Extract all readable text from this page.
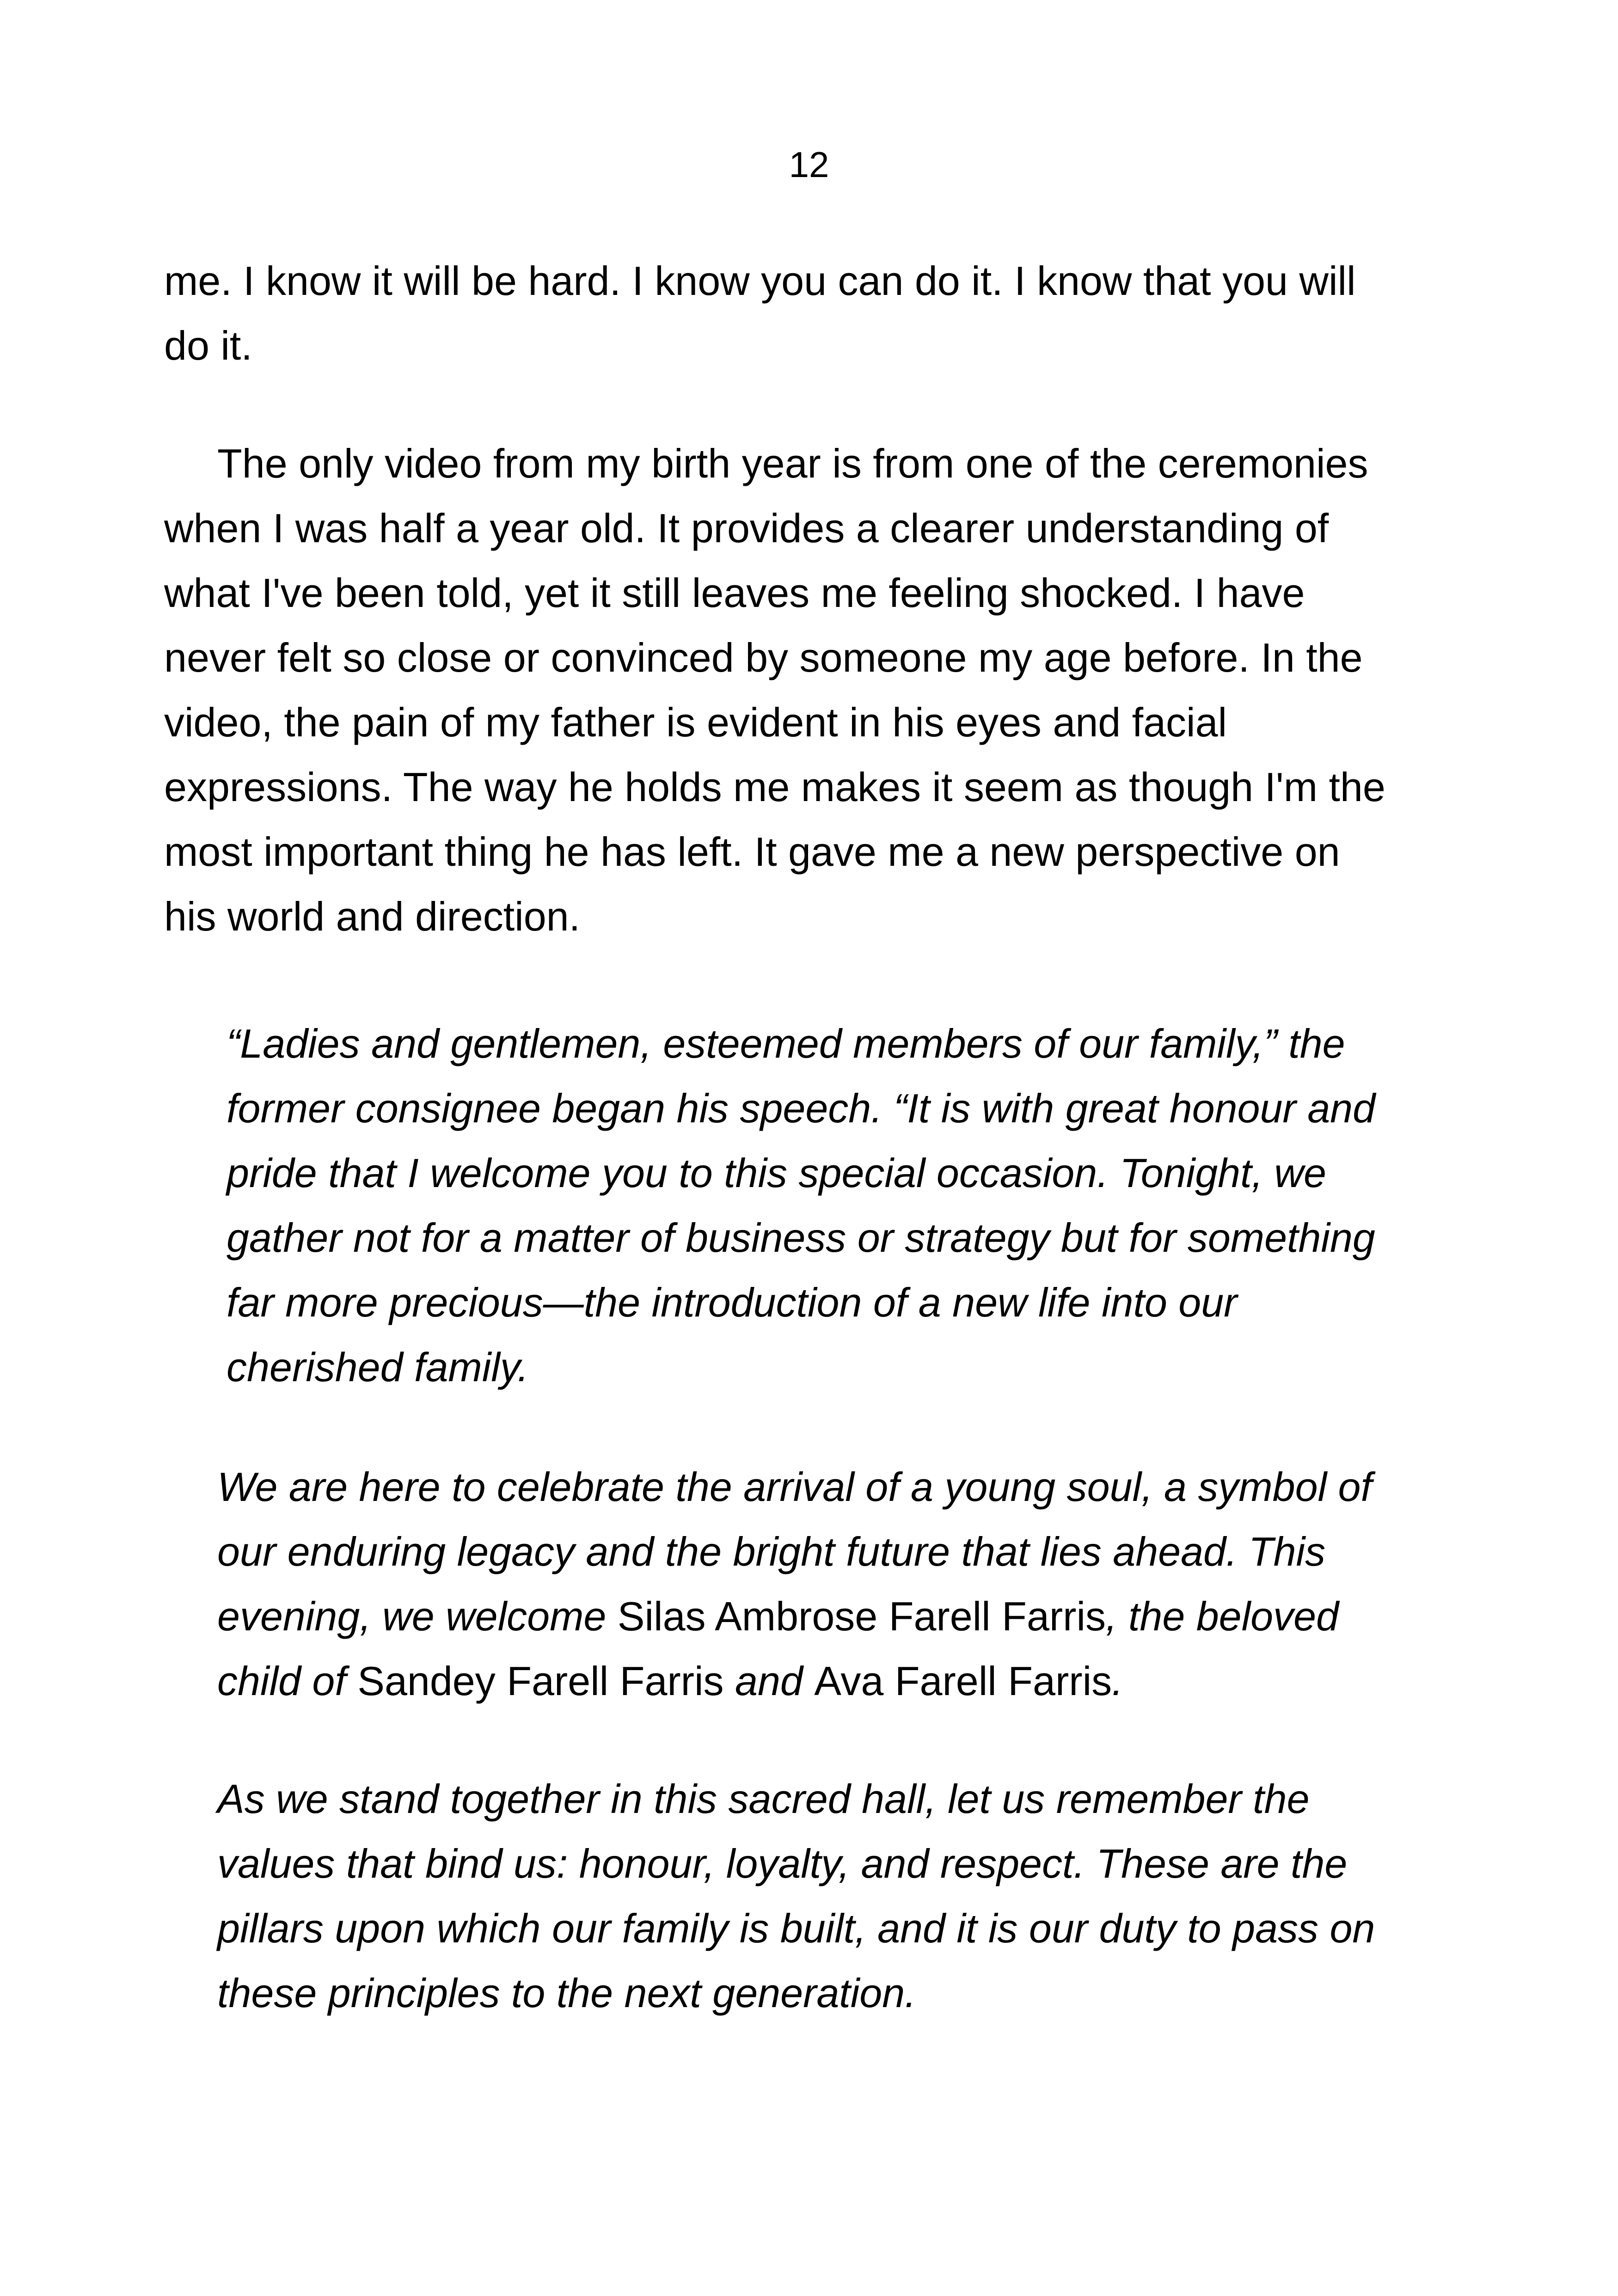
12

me. I know it will be hard. I know you can do it. I know that you will
do it.

The only video from my birth year is from one of the ceremonies
when I was half a year old. It provides a clearer understanding of
what I've been told, yet it still leaves me feeling shocked. I have
never felt so close or convinced by someone my age before. In the
video, the pain of my father is evident in his eyes and facial
expressions. The way he holds me makes it seem as though I'm the
most important thing he has left. It gave me a new perspective on
his world and direction.

“Ladies and gentlemen, esteemed members of our family,” the
former consignee began his speech. “It is with great honour and
pride that I welcome you to this special occasion. Tonight, we
gather not for a matter of business or strategy but for something
far more precious—the introduction of a new life into our
cherished family.

We are here to celebrate the arrival of a young soul, a symbol of
our enduring legacy and the bright future that lies ahead. This
evening, we welcome Silas Ambrose Farell Farris, the beloved
child of Sandey Farell Farris and Ava Farell Farris.

As we stand together in this sacred hall, let us remember the
values that bind us: honour, loyalty, and respect. These are the
pillars upon which our family is built, and it is our duty to pass on
these principles to the next generation.
